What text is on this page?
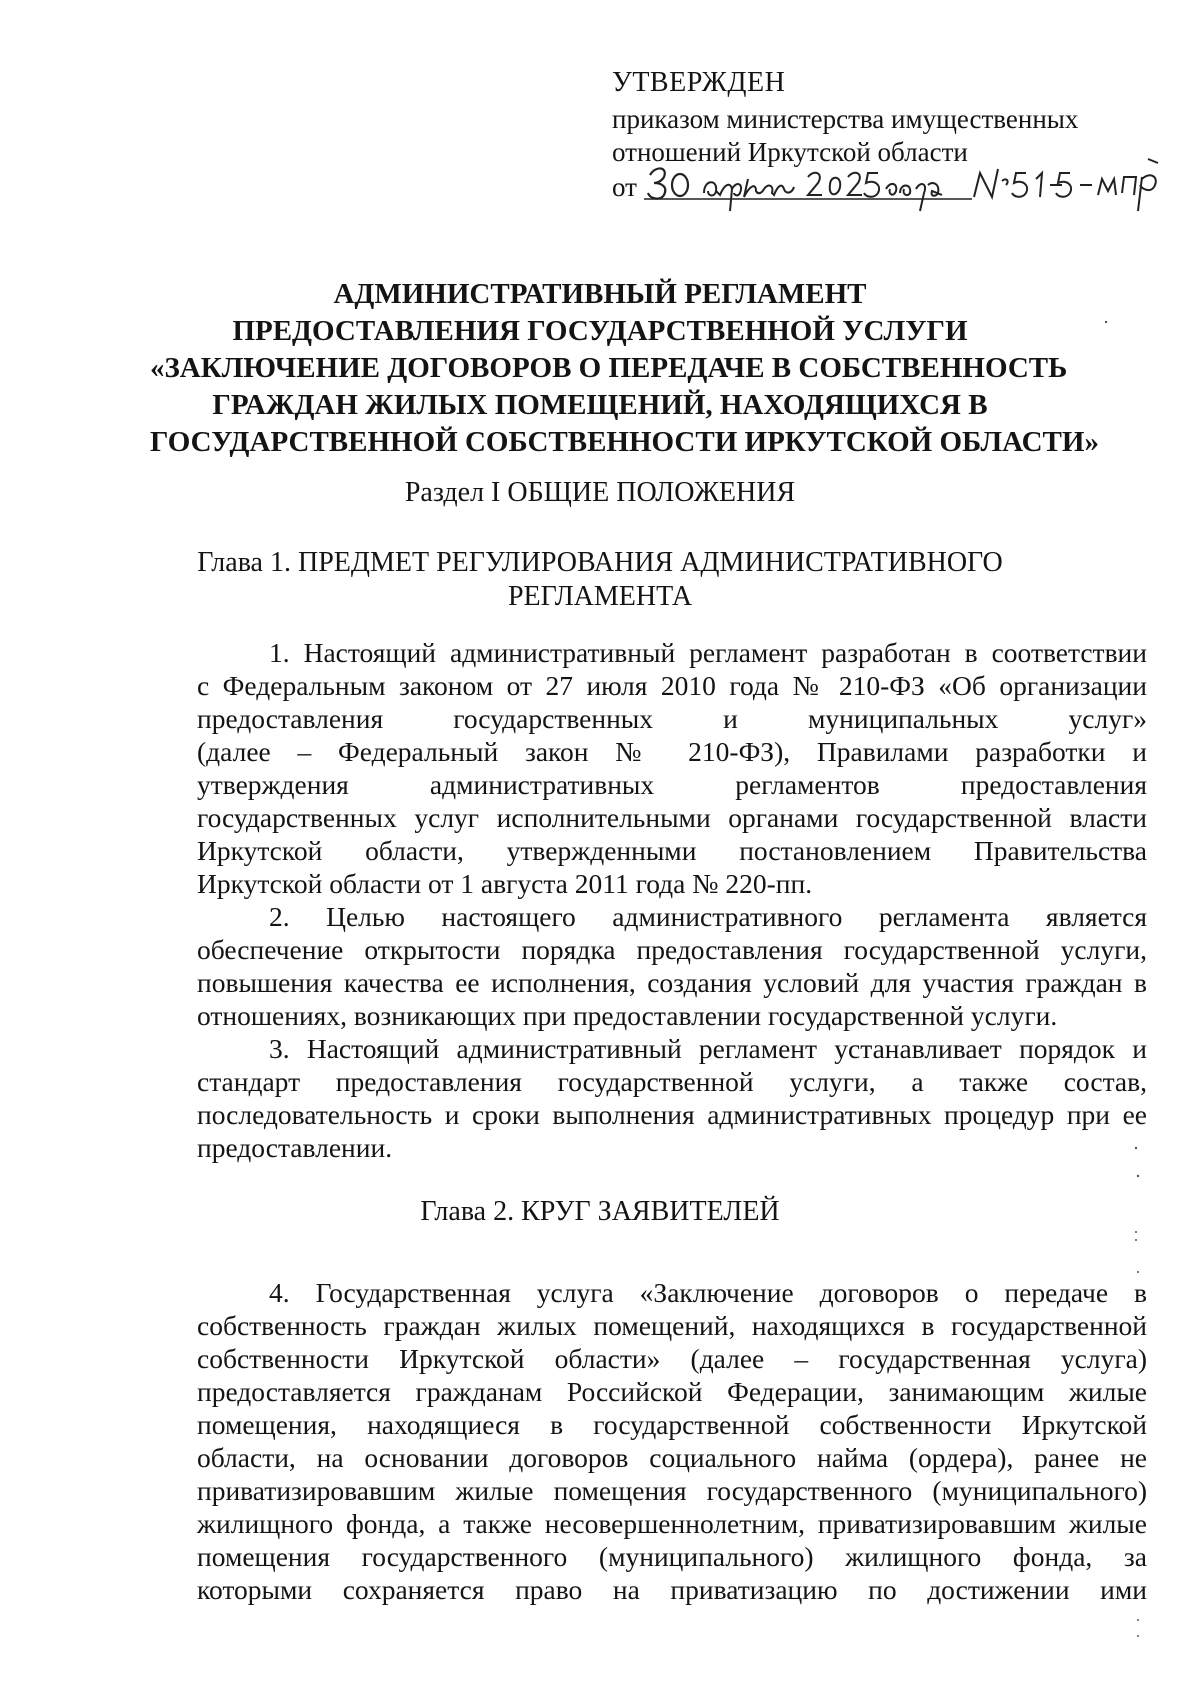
УТВЕРЖДЕН
приказом министерства имущественных
отношений Иркутской области
от
АДМИНИСТРАТИВНЫЙ РЕГЛАМЕНТ
ПРЕДОСТАВЛЕНИЯ ГОСУДАРСТВЕННОЙ УСЛУГИ
«ЗАКЛЮЧЕНИЕ ДОГОВОРОВ О ПЕРЕДАЧЕ В СОБСТВЕННОСТЬ
ГРАЖДАН ЖИЛЫХ ПОМЕЩЕНИЙ, НАХОДЯЩИХСЯ В
ГОСУДАРСТВЕННОЙ СОБСТВЕННОСТИ ИРКУТСКОЙ ОБЛАСТИ»
Раздел I ОБЩИЕ ПОЛОЖЕНИЯ
Глава 1. ПРЕДМЕТ РЕГУЛИРОВАНИЯ АДМИНИСТРАТИВНОГО
РЕГЛАМЕНТА
1. Настоящий административный регламент разработан в соответствии
с Федеральным законом от 27 июля 2010 года № 210-ФЗ «Об организации
предоставления государственных и муниципальных услуг»
(далее – Федеральный закон № 210-ФЗ), Правилами разработки и
утверждения административных регламентов предоставления
государственных услуг исполнительными органами государственной власти
Иркутской области, утвержденными постановлением Правительства
Иркутской области от 1 августа 2011 года № 220-пп.
2. Целью настоящего административного регламента является
обеспечение открытости порядка предоставления государственной услуги,
повышения качества ее исполнения, создания условий для участия граждан в
отношениях, возникающих при предоставлении государственной услуги.
3. Настоящий административный регламент устанавливает порядок и
стандарт предоставления государственной услуги, а также состав,
последовательность и сроки выполнения административных процедур при ее
предоставлении.
Глава 2. КРУГ ЗАЯВИТЕЛЕЙ
4. Государственная услуга «Заключение договоров о передаче в
собственность граждан жилых помещений, находящихся в государственной
собственности Иркутской области» (далее – государственная услуга)
предоставляется гражданам Российской Федерации, занимающим жилые
помещения, находящиеся в государственной собственности Иркутской
области, на основании договоров социального найма (ордера), ранее не
приватизировавшим жилые помещения государственного (муниципального)
жилищного фонда, а также несовершеннолетним, приватизировавшим жилые
помещения государственного (муниципального) жилищного фонда, за
которыми сохраняется право на приватизацию по достижении ими
